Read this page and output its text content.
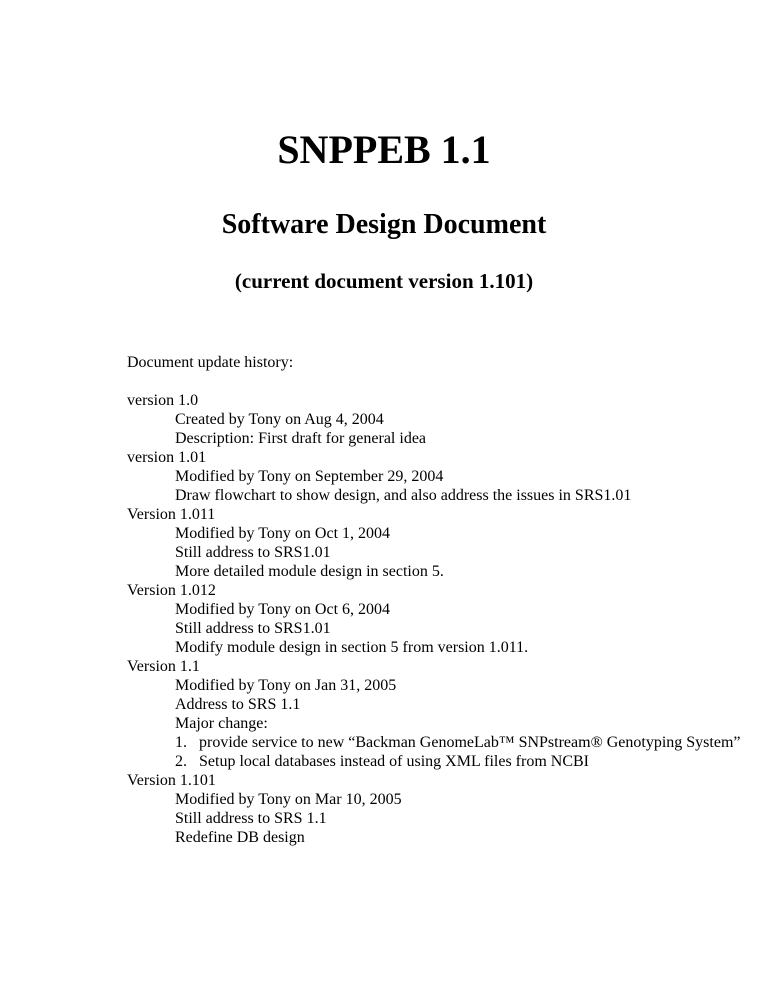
SNPPEB 1.1
Software Design Document
(current document version 1.101)
Document update history:
version 1.0
Created by Tony on Aug 4, 2004
Description: First draft for general idea
version 1.01
Modified by Tony on September 29, 2004
Draw flowchart to show design, and also address the issues in SRS1.01
Version 1.011
Modified by Tony on Oct 1, 2004
Still address to SRS1.01
More detailed module design in section 5.
Version 1.012
Modified by Tony on Oct 6, 2004
Still address to SRS1.01
Modify module design in section 5 from version 1.011.
Version 1.1
Modified by Tony on Jan 31, 2005
Address to SRS 1.1
Major change:
1. provide service to new “Backman GenomeLab™ SNPstream® Genotyping System”
2. Setup local databases instead of using XML files from NCBI
Version 1.101
Modified by Tony on Mar 10, 2005
Still address to SRS 1.1
Redefine DB design
